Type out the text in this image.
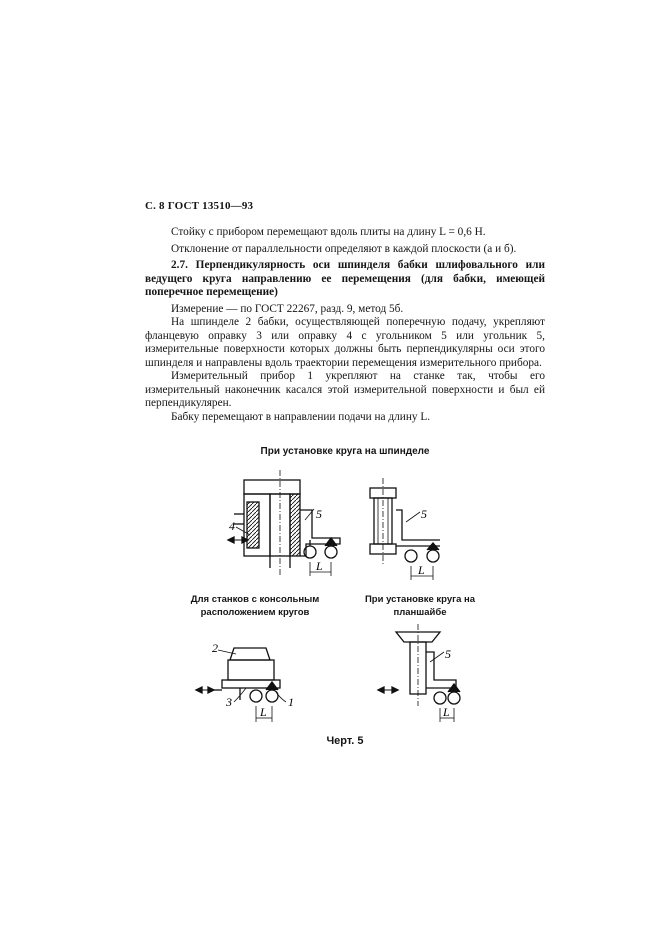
С. 8 ГОСТ 13510—93

Стойку с прибором перемещают вдоль плиты на длину L = 0,6 H.

Отклонение от параллельности определяют в каждой плоскости (а и б).

2.7. Перпендикулярность оси шпинделя бабки шлифовального или ведущего круга направлению ее перемещения (для бабки, имеющей поперечное перемещение)

Измерение — по ГОСТ 22267, разд. 9, метод 5б.

На шпинделе 2 бабки, осуществляющей поперечную подачу, укрепляют фланцевую оправку 3 или оправку 4 с угольником 5 или угольник 5, измерительные поверхности которых должны быть перпендикулярны оси этого шпинделя и направлены вдоль траектории перемещения измерительного прибора.

Измерительный прибор 1 укрепляют на станке так, чтобы его измерительный наконечник касался этой измерительной поверхности и был ей перпендикулярен.

Бабку перемещают в направлении подачи на длину L.

При установке круга на шпинделе
Для станков с консольным расположением кругов
При установке круга на планшайбе
Черт. 5
4
5	5
5
2
3	1
L	L
L	L
